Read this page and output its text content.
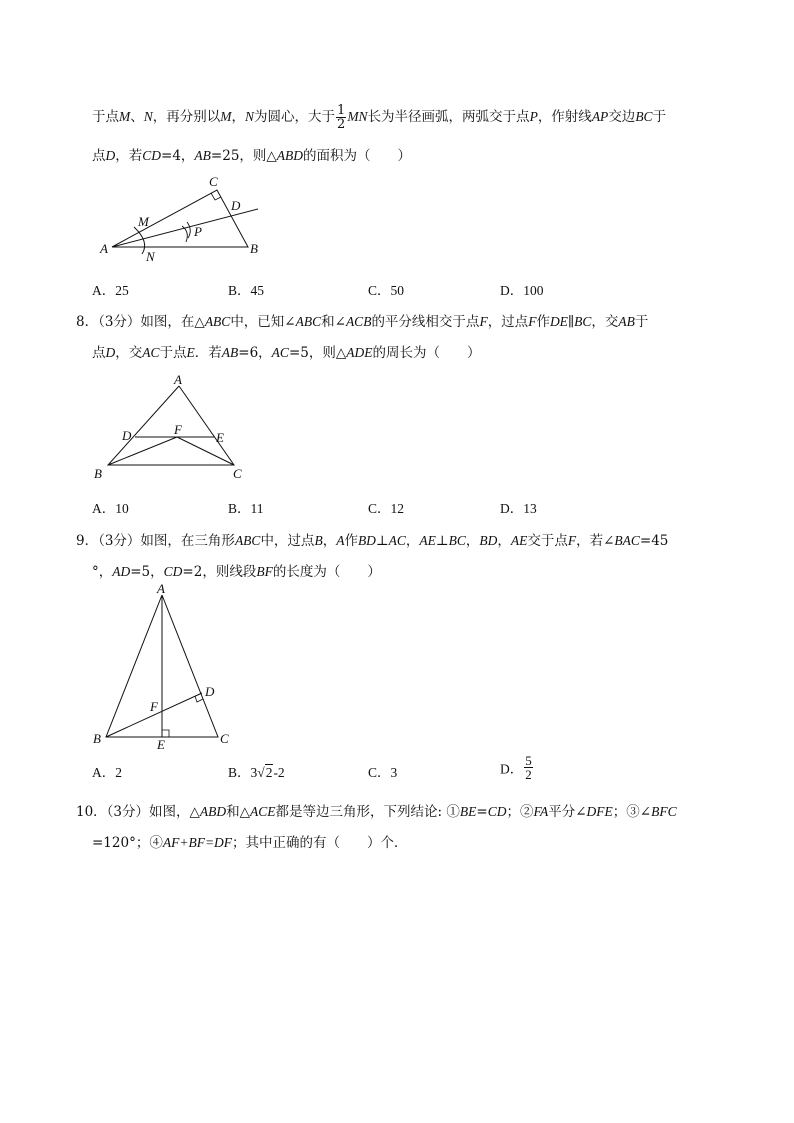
于点M、N，再分别以M，N为圆心，大于 $\frac{1}{2}$ MN长为半径画弧，两弧交于点P，作射线AP交边BC于
点D，若CD=4，AB=25，则△ABD的面积为（　　）
C
D
M
P
A
N
B
A．25	B．45	C．50	D．100
8．（3分）如图，在△ABC中，已知∠ABC和∠ACB的平分线相交于点F，过点F作DE∥BC，交AB于
点D，交AC于点E．若AB=6，AC=5，则△ADE的周长为（　　）
A
D	F
E
B	C
A．10	B．11	C．12	D．13
9．（3分）如图，在三角形ABC中，过点B，A作BD⊥AC，AE⊥BC，BD，AE交于点F，若∠BAC=45
°，AD=5，CD=2，则线段BF的长度为（　　）
A
D
F
B	E	C
A．2	B．3√2-2	C．3	D． $\frac{5}{2}$
10．（3分）如图，△ABD和△ACE都是等边三角形，下列结论: ①BE=CD；②FA平分∠DFE；③∠BFC
=120°；④AF+BF=DF；其中正确的有（　　）个．
